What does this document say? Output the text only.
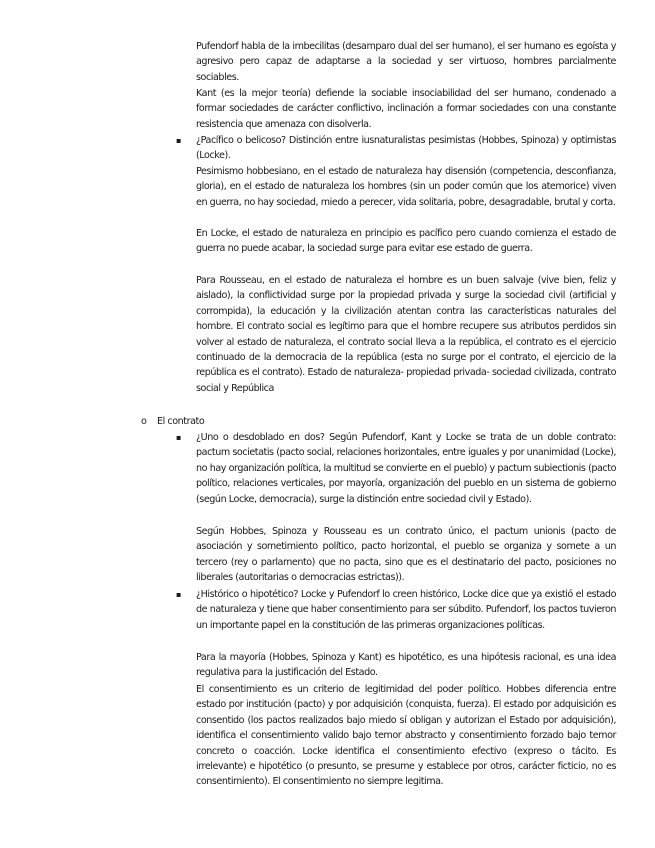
Pufendorf habla de la imbecilitas (desamparo dual del ser humano), el ser humano es egoísta y agresivo pero capaz de adaptarse a la sociedad y ser virtuoso, hombres parcialmente sociables.

Kant (es la mejor teoría) defiende la sociable insociabilidad del ser humano, condenado a formar sociedades de carácter conflictivo, inclinación a formar sociedades con una constante resistencia que amenaza con disolverla.

▪ ¿Pacífico o belicoso? Distinción entre iusnaturalistas pesimistas (Hobbes, Spinoza) y optimistas (Locke).

Pesimismo hobbesiano, en el estado de naturaleza hay disensión (competencia, desconfianza, gloria), en el estado de naturaleza los hombres (sin un poder común que los atemorice) viven en guerra, no hay sociedad, miedo a perecer, vida solitaria, pobre, desagradable, brutal y corta.

En Locke, el estado de naturaleza en principio es pacífico pero cuando comienza el estado de guerra no puede acabar, la sociedad surge para evitar ese estado de guerra.

Para Rousseau, en el estado de naturaleza el hombre es un buen salvaje (vive bien, feliz y aislado), la conflictividad surge por la propiedad privada y surge la sociedad civil (artificial y corrompida), la educación y la civilización atentan contra las características naturales del hombre. El contrato social es legítimo para que el hombre recupere sus atributos perdidos sin volver al estado de naturaleza, el contrato social lleva a la república, el contrato es el ejercicio continuado de la democracia de la república (esta no surge por el contrato, el ejercicio de la república es el contrato). Estado de naturaleza- propiedad privada- sociedad civilizada, contrato social y República

o El contrato

▪ ¿Uno o desdoblado en dos? Según Pufendorf, Kant y Locke se trata de un doble contrato: pactum societatis (pacto social, relaciones horizontales, entre iguales y por unanimidad (Locke), no hay organización política, la multitud se convierte en el pueblo) y pactum subiectionis (pacto político, relaciones verticales, por mayoría, organización del pueblo en un sistema de gobierno (según Locke, democracia), surge la distinción entre sociedad civil y Estado).

Según Hobbes, Spinoza y Rousseau es un contrato único, el pactum unionis (pacto de asociación y sometimiento político, pacto horizontal, el pueblo se organiza y somete a un tercero (rey o parlamento) que no pacta, sino que es el destinatario del pacto, posiciones no liberales (autoritarias o democracias estrictas)).

▪ ¿Histórico o hipotético? Locke y Pufendorf lo creen histórico, Locke dice que ya existió el estado de naturaleza y tiene que haber consentimiento para ser súbdito. Pufendorf, los pactos tuvieron un importante papel en la constitución de las primeras organizaciones políticas.

Para la mayoría (Hobbes, Spinoza y Kant) es hipotético, es una hipótesis racional, es una idea regulativa para la justificación del Estado.

El consentimiento es un criterio de legitimidad del poder político. Hobbes diferencia entre estado por institución (pacto) y por adquisición (conquista, fuerza). El estado por adquisición es consentido (los pactos realizados bajo miedo sí obligan y autorizan el Estado por adquisición), identifica el consentimiento valido bajo temor abstracto y consentimiento forzado bajo temor concreto o coacción. Locke identifica el consentimiento efectivo (expreso o tácito. Es irrelevante) e hipotético (o presunto, se presume y establece por otros, carácter ficticio, no es consentimiento). El consentimiento no siempre legitima.
